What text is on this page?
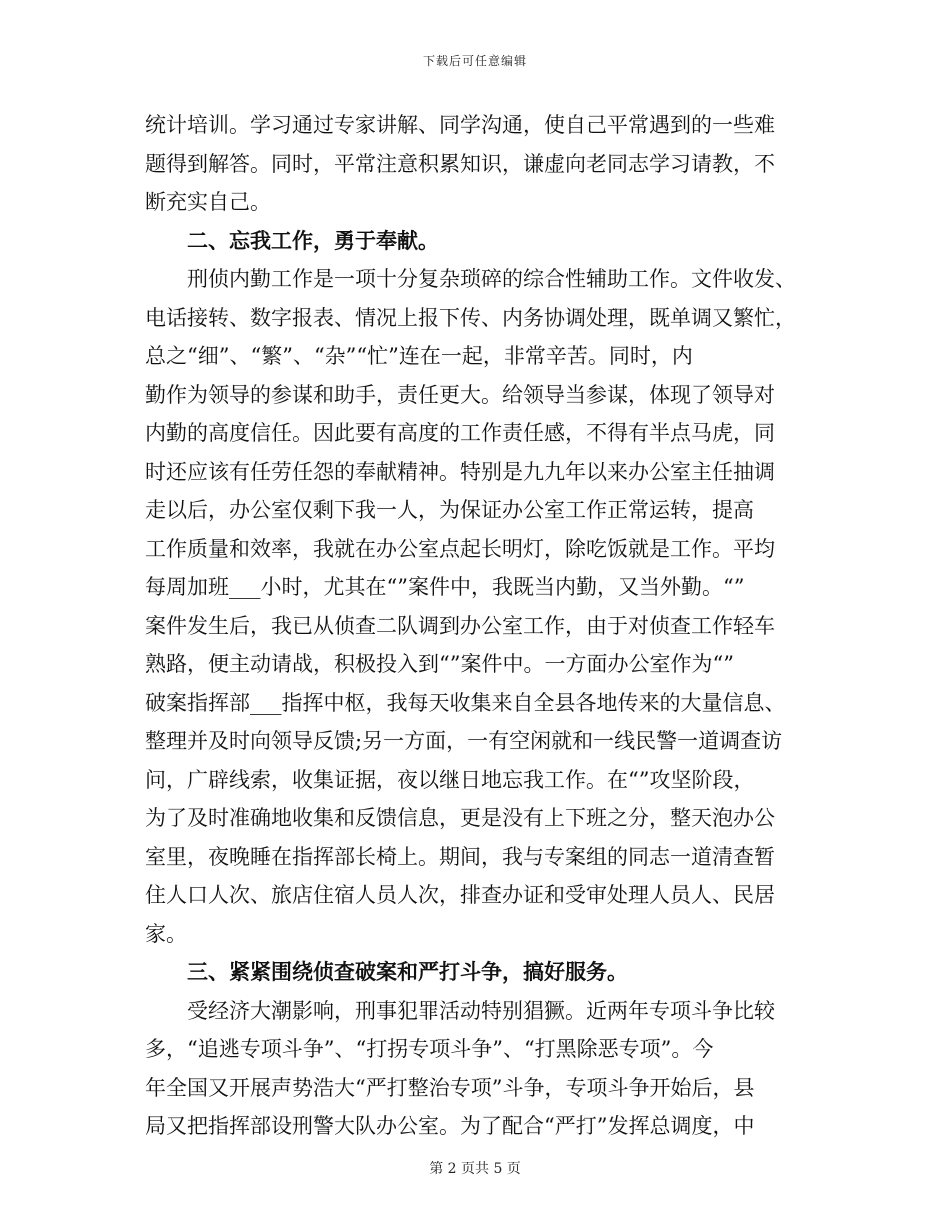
下载后可任意编辑
统计培训。学习通过专家讲解、同学沟通，使自己平常遇到的一些难
题得到解答。同时，平常注意积累知识，谦虚向老同志学习请教，不
断充实自己。
　　二、忘我工作，勇于奉献。
　　刑侦内勤工作是一项十分复杂琐碎的综合性辅助工作。文件收发、
电话接转、数字报表、情况上报下传、内务协调处理，既单调又繁忙，
总之“细”、“繁”、“杂”“忙”连在一起，非常辛苦。同时，内
勤作为领导的参谋和助手，责任更大。给领导当参谋，体现了领导对
内勤的高度信任。因此要有高度的工作责任感，不得有半点马虎，同
时还应该有任劳任怨的奉献精神。特别是九九年以来办公室主任抽调
走以后，办公室仅剩下我一人，为保证办公室工作正常运转，提高
工作质量和效率，我就在办公室点起长明灯，除吃饭就是工作。平均
每周加班___小时，尤其在“”案件中，我既当内勤，又当外勤。“”
案件发生后，我已从侦查二队调到办公室工作，由于对侦查工作轻车
熟路，便主动请战，积极投入到“”案件中。一方面办公室作为“”
破案指挥部___指挥中枢，我每天收集来自全县各地传来的大量信息、
整理并及时向领导反馈;另一方面，一有空闲就和一线民警一道调查访
问，广辟线索，收集证据，夜以继日地忘我工作。在“”攻坚阶段，
为了及时准确地收集和反馈信息，更是没有上下班之分，整天泡办公
室里，夜晚睡在指挥部长椅上。期间，我与专案组的同志一道清查暂
住人口人次、旅店住宿人员人次，排查办证和受审处理人员人、民居
家。
　　三、紧紧围绕侦查破案和严打斗争，搞好服务。
　　受经济大潮影响，刑事犯罪活动特别猖獗。近两年专项斗争比较
多，“追逃专项斗争”、“打拐专项斗争”、“打黑除恶专项”。今
年全国又开展声势浩大“严打整治专项”斗争，专项斗争开始后，县
局又把指挥部设刑警大队办公室。为了配合“严打”发挥总调度，中
第 2 页共 5 页
